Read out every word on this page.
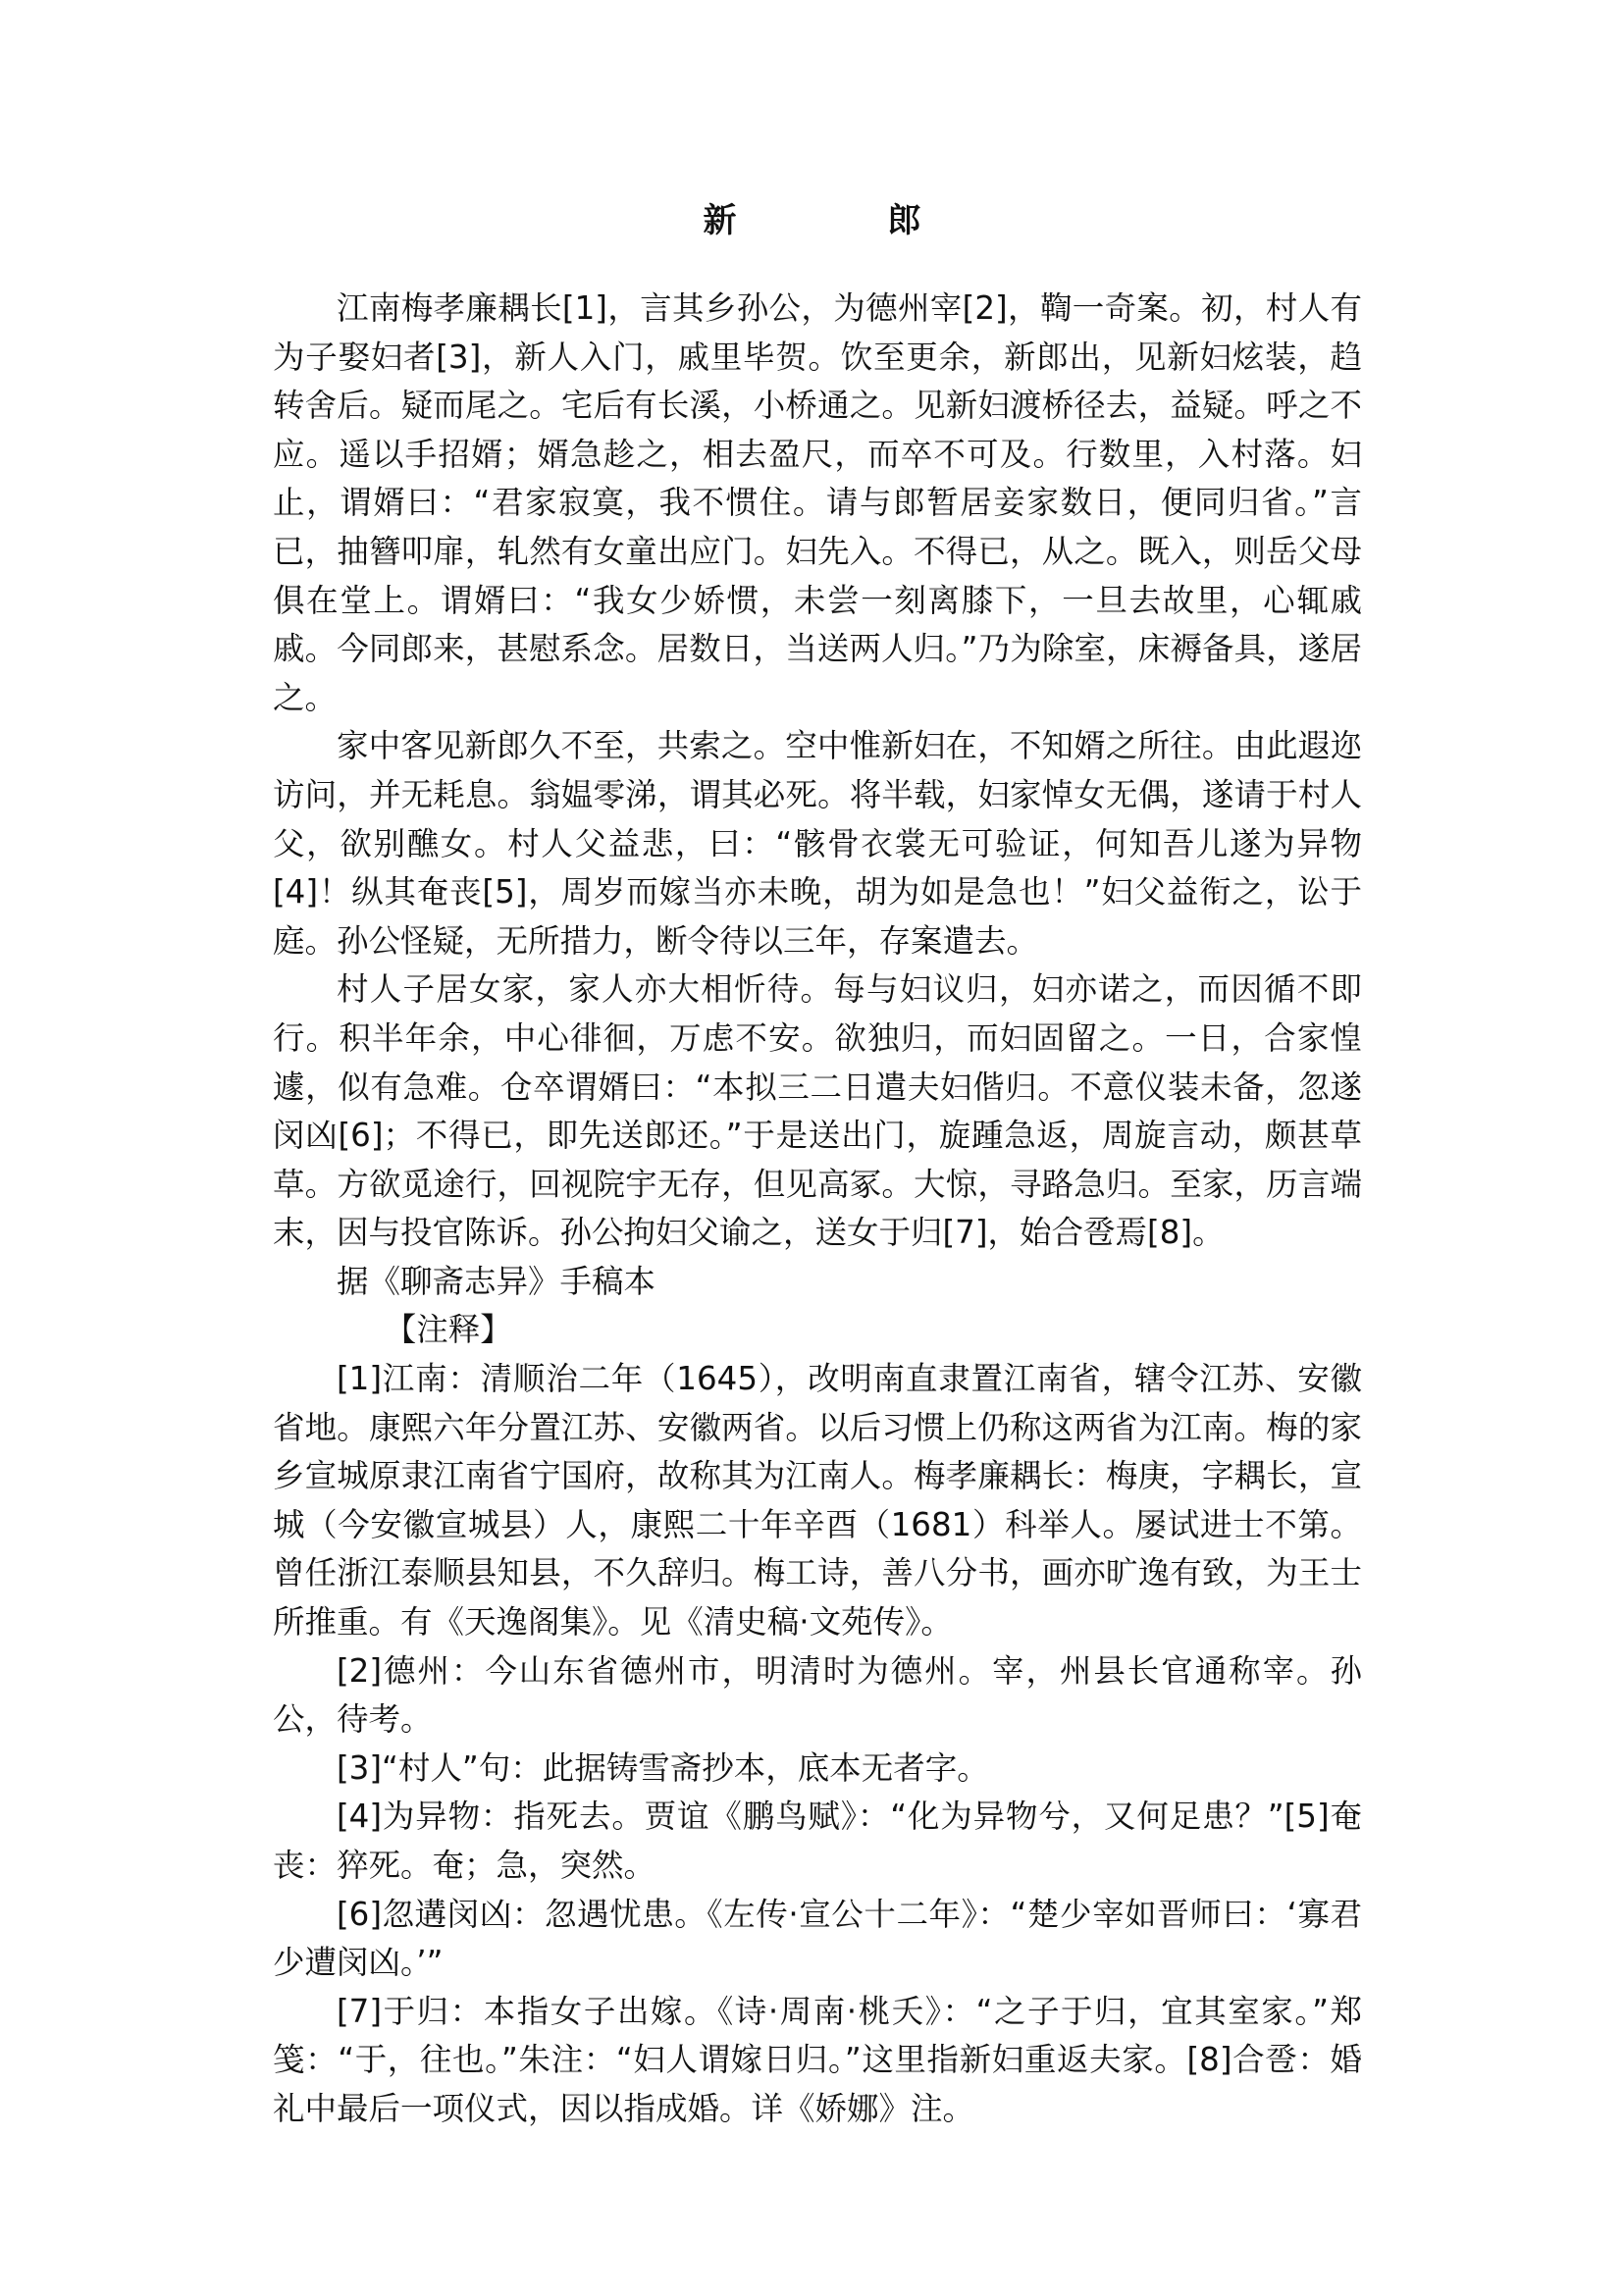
新　郎

江南梅孝廉耦长[1]，言其乡孙公，为德州宰[2]，鞫一奇案。初，村人有为子娶妇者[3]，新人入门，戚里毕贺。饮至更余，新郎出，见新妇炫装，趋转舍后。疑而尾之。宅后有长溪，小桥通之。见新妇渡桥径去，益疑。呼之不应。遥以手招婿；婿急趁之，相去盈尺，而卒不可及。行数里，入村落。妇止，谓婿曰：“君家寂寞，我不惯住。请与郎暂居妾家数日，便同归省。”言已，抽簪叩扉，轧然有女童出应门。妇先入。不得已，从之。既入，则岳父母俱在堂上。谓婿曰：“我女少娇惯，未尝一刻离膝下，一旦去故里，心辄戚戚。今同郎来，甚慰系念。居数日，当送两人归。”乃为除室，床褥备具，遂居之。

家中客见新郎久不至，共索之。空中惟新妇在，不知婿之所往。由此遐迩访问，并无耗息。翁媪零涕，谓其必死。将半载，妇家悼女无偶，遂请于村人父，欲别醮女。村人父益悲，曰：“骸骨衣裳无可验证，何知吾儿遂为异物[4]！纵其奄丧[5]，周岁而嫁当亦未晚，胡为如是急也！”妇父益衔之，讼于庭。孙公怪疑，无所措力，断令待以三年，存案遣去。

村人子居女家，家人亦大相忻待。每与妇议归，妇亦诺之，而因循不即行。积半年余，中心徘徊，万虑不安。欲独归，而妇固留之。一日，合家惶遽，似有急难。仓卒谓婿曰：“本拟三二日遣夫妇偕归。不意仪装未备，忽遂闵凶[6]；不得已，即先送郎还。”于是送出门，旋踵急返，周旋言动，颇甚草草。方欲觅途行，回视院宇无存，但见高冢。大惊，寻路急归。至家，历言端末，因与投官陈诉。孙公拘妇父谕之，送女于归[7]，始合卺焉[8]。

据《聊斋志异》手稿本

【注释】

[1]江南：清顺治二年（1645），改明南直隶置江南省，辖令江苏、安徽省地。康熙六年分置江苏、安徽两省。以后习惯上仍称这两省为江南。梅的家乡宣城原隶江南省宁国府，故称其为江南人。梅孝廉耦长：梅庚，字耦长，宣城（今安徽宣城县）人，康熙二十年辛酉（1681）科举人。屡试进士不第。曾任浙江泰顺县知县，不久辞归。梅工诗，善八分书，画亦旷逸有致，为王士所推重。有《天逸阁集》。见《清史稿·文苑传》。

[2]德州：今山东省德州市，明清时为德州。宰，州县长官通称宰。孙公，待考。

[3]“村人”句：此据铸雪斋抄本，底本无者字。

[4]为异物：指死去。贾谊《鹏鸟赋》：“化为异物兮，又何足患？”[5]奄丧：猝死。奄；急，突然。

[6]忽遘闵凶：忽遇忧患。《左传·宣公十二年》：“楚少宰如晋师曰：‘寡君少遭闵凶。’”

[7]于归：本指女子出嫁。《诗·周南·桃夭》：“之子于归，宜其室家。”郑笺：“于，往也。”朱注：“妇人谓嫁日归。”这里指新妇重返夫家。[8]合卺：婚礼中最后一项仪式，因以指成婚。详《娇娜》注。
